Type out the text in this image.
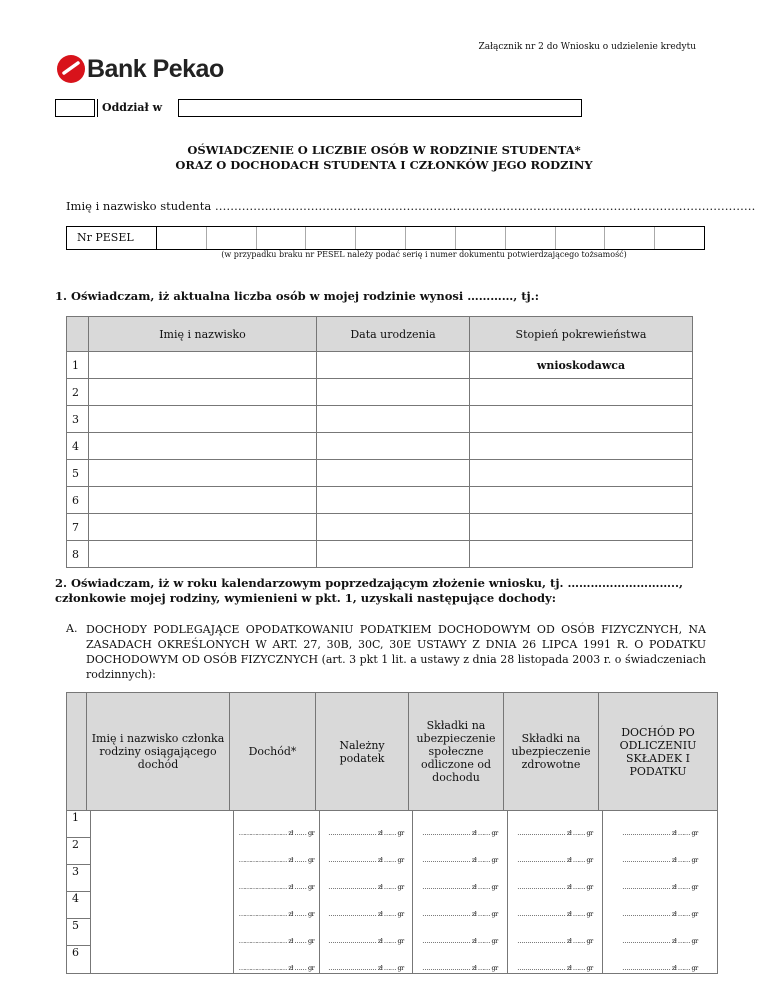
Załącznik nr 2 do Wniosku o udzielenie kredytu
Bank Pekao
Oddział w
OŚWIADCZENIE O LICZBIE OSÓB W RODZINIE STUDENTA*
ORAZ O DOCHODACH STUDENTA I CZŁONKÓW JEGO RODZINY
Imię i nazwisko studenta ……………………………………………………………………………………………………………………………
Nr PESEL
(w przypadku braku nr PESEL należy podać serię i numer dokumentu potwierdzającego tożsamość)
1. Oświadczam, iż aktualna liczba osób w mojej rodzinie wynosi …………, tj.:
	Imię i nazwisko	Data urodzenia	Stopień pokrewieństwa
1			wnioskodawca
2			
3			
4			
5			
6			
7			
8			
2. Oświadczam, iż w roku kalendarzowym poprzedzającym złożenie wniosku, tj. ………………………..,
członkowie mojej rodziny, wymienieni w pkt. 1, uzyskali następujące dochody:
A. DOCHODY PODLEGAJĄCE OPODATKOWANIU PODATKIEM DOCHODOWYM OD OSÓB FIZYCZNYCH, NA ZASADACH OKREŚLONYCH W ART. 27, 30B, 30C, 30E USTAWY Z DNIA 26 LIPCA 1991 R. O PODATKU DOCHODOWYM OD OSÓB FIZYCZNYCH (art. 3 pkt 1 lit. a ustawy z dnia 28 listopada 2003 r. o świadczeniach rodzinnych):
	Imię i nazwisko członka rodziny osiągającego dochód	Dochód*	Należny podatek	Składki na ubezpieczenie społeczne odliczone od dochodu	Składki na ubezpieczenie zdrowotne	DOCHÓD PO ODLICZENIU SKŁADEK I PODATKU
1		…………………… zł …… gr	…………………… zł …… gr	…………………… zł …… gr	…………………… zł …… gr	…………………… zł …… gr
2		…………………… zł …… gr	…………………… zł …… gr	…………………… zł …… gr	…………………… zł …… gr	…………………… zł …… gr
3		…………………… zł …… gr	…………………… zł …… gr	…………………… zł …… gr	…………………… zł …… gr	…………………… zł …… gr
4		…………………… zł …… gr	…………………… zł …… gr	…………………… zł …… gr	…………………… zł …… gr	…………………… zł …… gr
5		…………………… zł …… gr	…………………… zł …… gr	…………………… zł …… gr	…………………… zł …… gr	…………………… zł …… gr
6		…………………… zł …… gr	…………………… zł …… gr	…………………… zł …… gr	…………………… zł …… gr	…………………… zł …… gr
